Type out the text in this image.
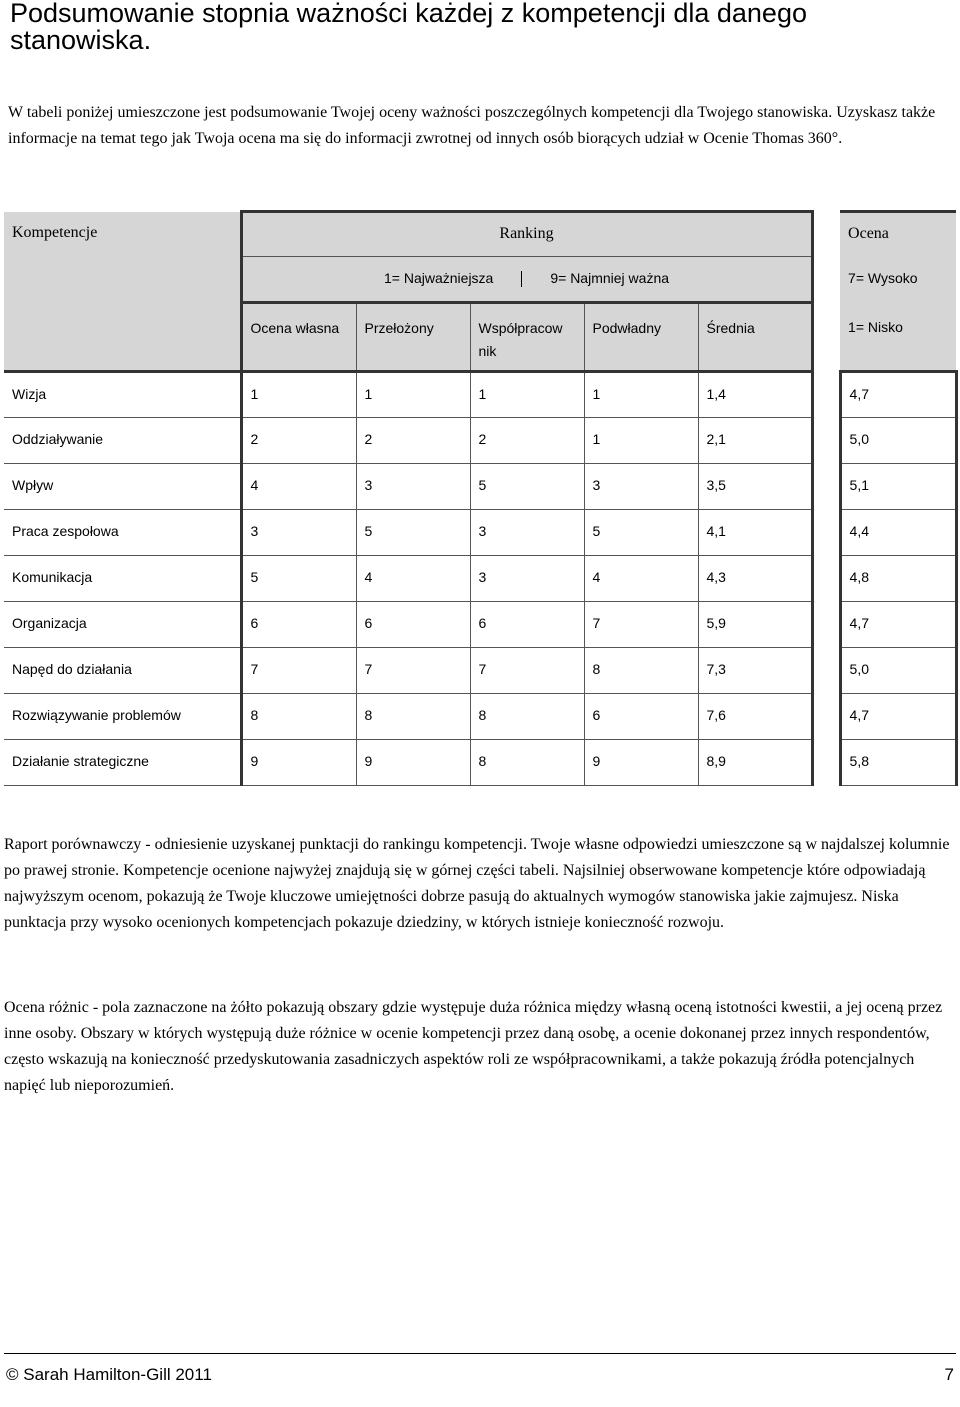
Podsumowanie stopnia ważności każdej z kompetencji dla danego stanowiska.
W tabeli poniżej umieszczone jest podsumowanie Twojej oceny ważności poszczególnych kompetencji dla Twojego stanowiska. Uzyskasz także informacje na temat tego jak Twoja ocena ma się do informacji zwrotnej od innych osób biorących udział w Ocenie Thomas 360°.
Kompetencje	Ranking						Ocena
	1= Najważniejsza 9= Najmniej ważna						7= Wysoko
	Ocena własna	Przełożony	Współpracow nik	Podwładny	Średnia		1= Nisko
Wizja	1	1	1	1	1,4		4,7
Oddziaływanie	2	2	2	1	2,1		5,0
Wpływ	4	3	5	3	3,5		5,1
Praca zespołowa	3	5	3	5	4,1		4,4
Komunikacja	5	4	3	4	4,3		4,8
Organizacja	6	6	6	7	5,9		4,7
Napęd do działania	7	7	7	8	7,3		5,0
Rozwiązywanie problemów	8	8	8	6	7,6		4,7
Działanie strategiczne	9	9	8	9	8,9		5,8
Raport porównawczy - odniesienie uzyskanej punktacji do rankingu kompetencji. Twoje własne odpowiedzi umieszczone są w najdalszej kolumnie po prawej stronie. Kompetencje ocenione najwyżej znajdują się w górnej części tabeli. Najsilniej obserwowane kompetencje które odpowiadają najwyższym ocenom, pokazują że Twoje kluczowe umiejętności dobrze pasują do aktualnych wymogów stanowiska jakie zajmujesz. Niska punktacja przy wysoko ocenionych kompetencjach pokazuje dziedziny, w których istnieje konieczność rozwoju.
Ocena różnic - pola zaznaczone na żółto pokazują obszary gdzie występuje duża różnica między własną oceną istotności kwestii, a jej oceną przez inne osoby. Obszary w których występują duże różnice w ocenie kompetencji przez daną osobę, a ocenie dokonanej przez innych respondentów, często wskazują na konieczność przedyskutowania zasadniczych aspektów roli ze współpracownikami, a także pokazują źródła potencjalnych napięć lub nieporozumień.
© Sarah Hamilton-Gill 2011	7
